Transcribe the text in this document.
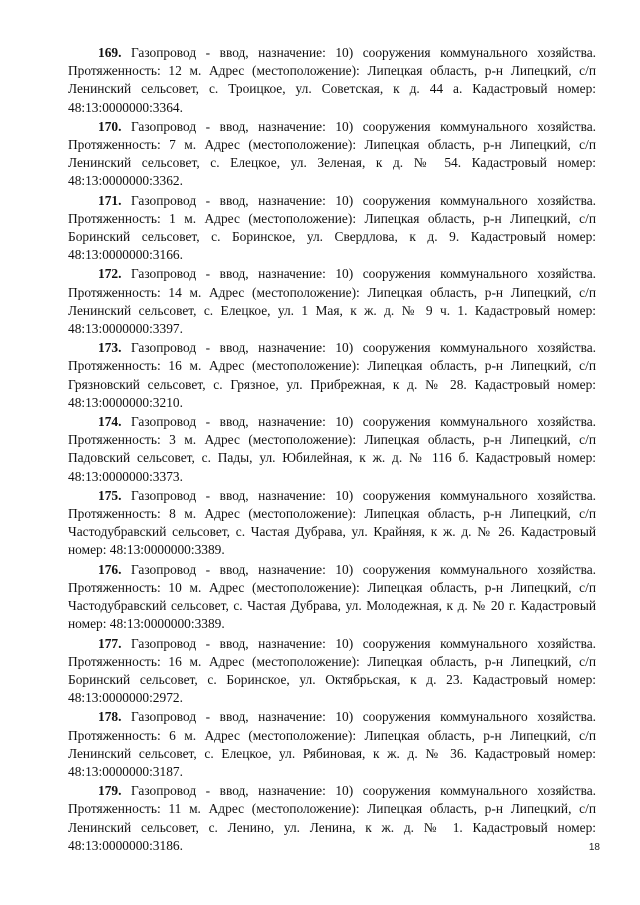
169. Газопровод - ввод, назначение: 10) сооружения коммунального хозяйства. Протяженность: 12 м. Адрес (местоположение): Липецкая область, р-н Липецкий, с/п Ленинский сельсовет, с. Троицкое, ул. Советская, к д. 44 а. Кадастровый номер: 48:13:0000000:3364.

170. Газопровод - ввод, назначение: 10) сооружения коммунального хозяйства. Протяженность: 7 м. Адрес (местоположение): Липецкая область, р-н Липецкий, с/п Ленинский сельсовет, с. Елецкое, ул. Зеленая, к д. № 54. Кадастровый номер: 48:13:0000000:3362.

171. Газопровод - ввод, назначение: 10) сооружения коммунального хозяйства. Протяженность: 1 м. Адрес (местоположение): Липецкая область, р-н Липецкий, с/п Боринский сельсовет, с. Боринское, ул. Свердлова, к д. 9. Кадастровый номер: 48:13:0000000:3166.

172. Газопровод - ввод, назначение: 10) сооружения коммунального хозяйства. Протяженность: 14 м. Адрес (местоположение): Липецкая область, р-н Липецкий, с/п Ленинский сельсовет, с. Елецкое, ул. 1 Мая, к ж. д. № 9 ч. 1. Кадастровый номер: 48:13:0000000:3397.

173. Газопровод - ввод, назначение: 10) сооружения коммунального хозяйства. Протяженность: 16 м. Адрес (местоположение): Липецкая область, р-н Липецкий, с/п Грязновский сельсовет, с. Грязное, ул. Прибрежная, к д. № 28. Кадастровый номер: 48:13:0000000:3210.

174. Газопровод - ввод, назначение: 10) сооружения коммунального хозяйства. Протяженность: 3 м. Адрес (местоположение): Липецкая область, р-н Липецкий, с/п Падовский сельсовет, с. Пады, ул. Юбилейная, к ж. д. № 116 б. Кадастровый номер: 48:13:0000000:3373.

175. Газопровод - ввод, назначение: 10) сооружения коммунального хозяйства. Протяженность: 8 м. Адрес (местоположение): Липецкая область, р-н Липецкий, с/п Частодубравский сельсовет, с. Частая Дубрава, ул. Крайняя, к ж. д. № 26. Кадастровый номер: 48:13:0000000:3389.

176. Газопровод - ввод, назначение: 10) сооружения коммунального хозяйства. Протяженность: 10 м. Адрес (местоположение): Липецкая область, р-н Липецкий, с/п Частодубравский сельсовет, с. Частая Дубрава, ул. Молодежная, к д. № 20 г. Кадастровый номер: 48:13:0000000:3389.

177. Газопровод - ввод, назначение: 10) сооружения коммунального хозяйства. Протяженность: 16 м. Адрес (местоположение): Липецкая область, р-н Липецкий, с/п Боринский сельсовет, с. Боринское, ул. Октябрьская, к д. 23. Кадастровый номер: 48:13:0000000:2972.

178. Газопровод - ввод, назначение: 10) сооружения коммунального хозяйства. Протяженность: 6 м. Адрес (местоположение): Липецкая область, р-н Липецкий, с/п Ленинский сельсовет, с. Елецкое, ул. Рябиновая, к ж. д. № 36. Кадастровый номер: 48:13:0000000:3187.

179. Газопровод - ввод, назначение: 10) сооружения коммунального хозяйства. Протяженность: 11 м. Адрес (местоположение): Липецкая область, р-н Липецкий, с/п Ленинский сельсовет, с. Ленино, ул. Ленина, к ж. д. № 1. Кадастровый номер: 48:13:0000000:3186.	18
